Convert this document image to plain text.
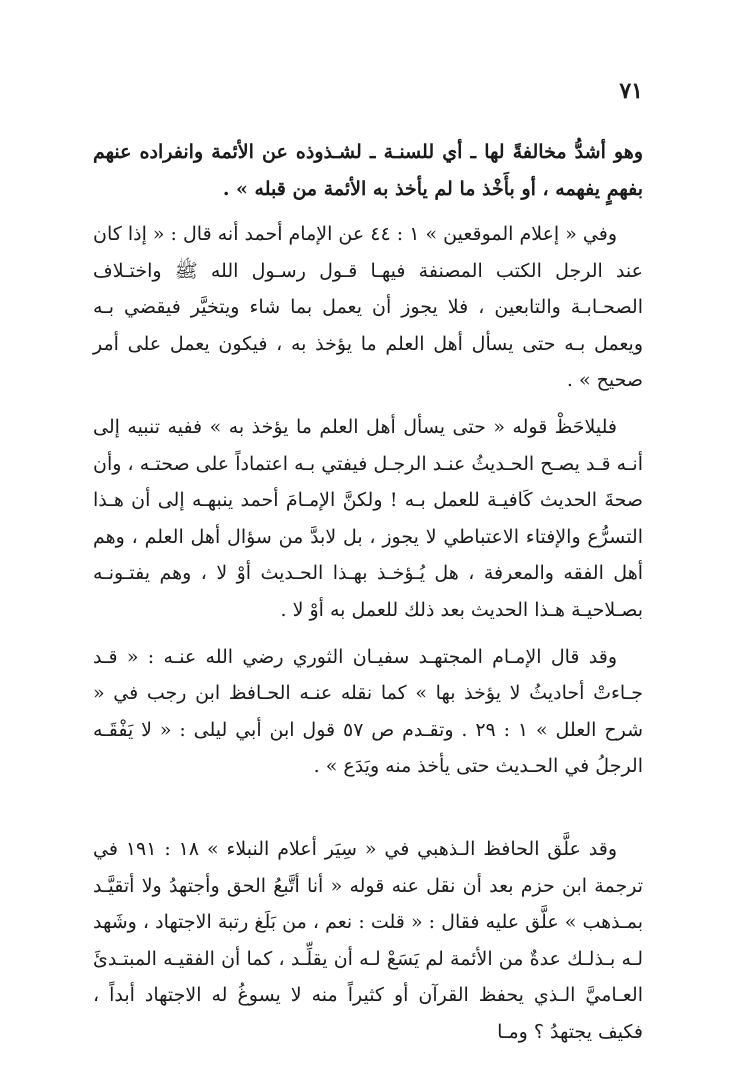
٧١

وهو أشدُّ مخالفةً لها ـ أي للسنـة ـ لشـذوذه عن الأئمة وانفراده عنهم بفهمٍ يفهمه ، أو بأَخْذ ما لم يأخذ به الأئمة من قبله » .

وفي « إعلام الموقعين » ١ : ٤٤ عن الإمام أحمد أنه قال : « إذا كان عند الرجل الكتب المصنفة فيهـا قـول رسـول الله ﷺ واختـلاف الصحـابـة والتابعين ، فلا يجوز أن يعمل بما شاء ويتخيَّر فيقضي بـه ويعمل بـه حتى يسأل أهل العلم ما يؤخذ به ، فيكون يعمل على أمر صحيح » .

فليلاحَظْ قوله « حتى يسأل أهل العلم ما يؤخذ به » ففيه تنبيه إلى أنـه قـد يصـح الحـديثُ عنـد الرجـل فيفتي بـه اعتماداً على صحتـه ، وأن صحةَ الحديث كَافيـة للعمل بـه ! ولكنَّ الإمـامَ أحمد ينبهـه إلى أن هـذا التسرُّع والإفتاء الاعتباطي لا يجوز ، بل لابدَّ من سؤال أهل العلم ، وهم أهل الفقه والمعرفة ، هل يُـؤخـذ بهـذا الحـديث أوْ لا ، وهم يفتـونـه بصـلاحيـة هـذا الحديث بعد ذلك للعمل به أوْ لا .

وقد قال الإمـام المجتهـد سفيـان الثوري رضي الله عنـه : « قـد جـاءتْ أحاديثُ لا يؤخذ بها » كما نقله عنـه الحـافظ ابن رجب في « شرح العلل » ١ : ٢٩ . وتقـدم ص ٥٧ قول ابن أبي ليلى : « لا يَفْقَـه الرجلُ في الحـديث حتى يأخذ منه ويَدَع » .

وقد علَّق الحافظ الـذهبي في « سِيَر أعلام النبلاء » ١٨ : ١٩١ في ترجمة ابن حزم بعد أن نقل عنه قوله « أنا أتَّبعُ الحق وأجتهدُ ولا أتقيَّـد بمـذهب » علَّق عليه فقال : « قلت : نعم ، من بَلَغ رتبة الاجتهاد ، وشَهد لـه بـذلـك عدةٌ من الأئمة لم يَسَعْ لـه أن يقلِّـد ، كما أن الفقيـه المبتـدئَ العـاميَّ الـذي يحفظ القرآن أو كثيراً منه لا يسوغُ له الاجتهاد أبداً ، فكيف يجتهدُ ؟ ومـا
